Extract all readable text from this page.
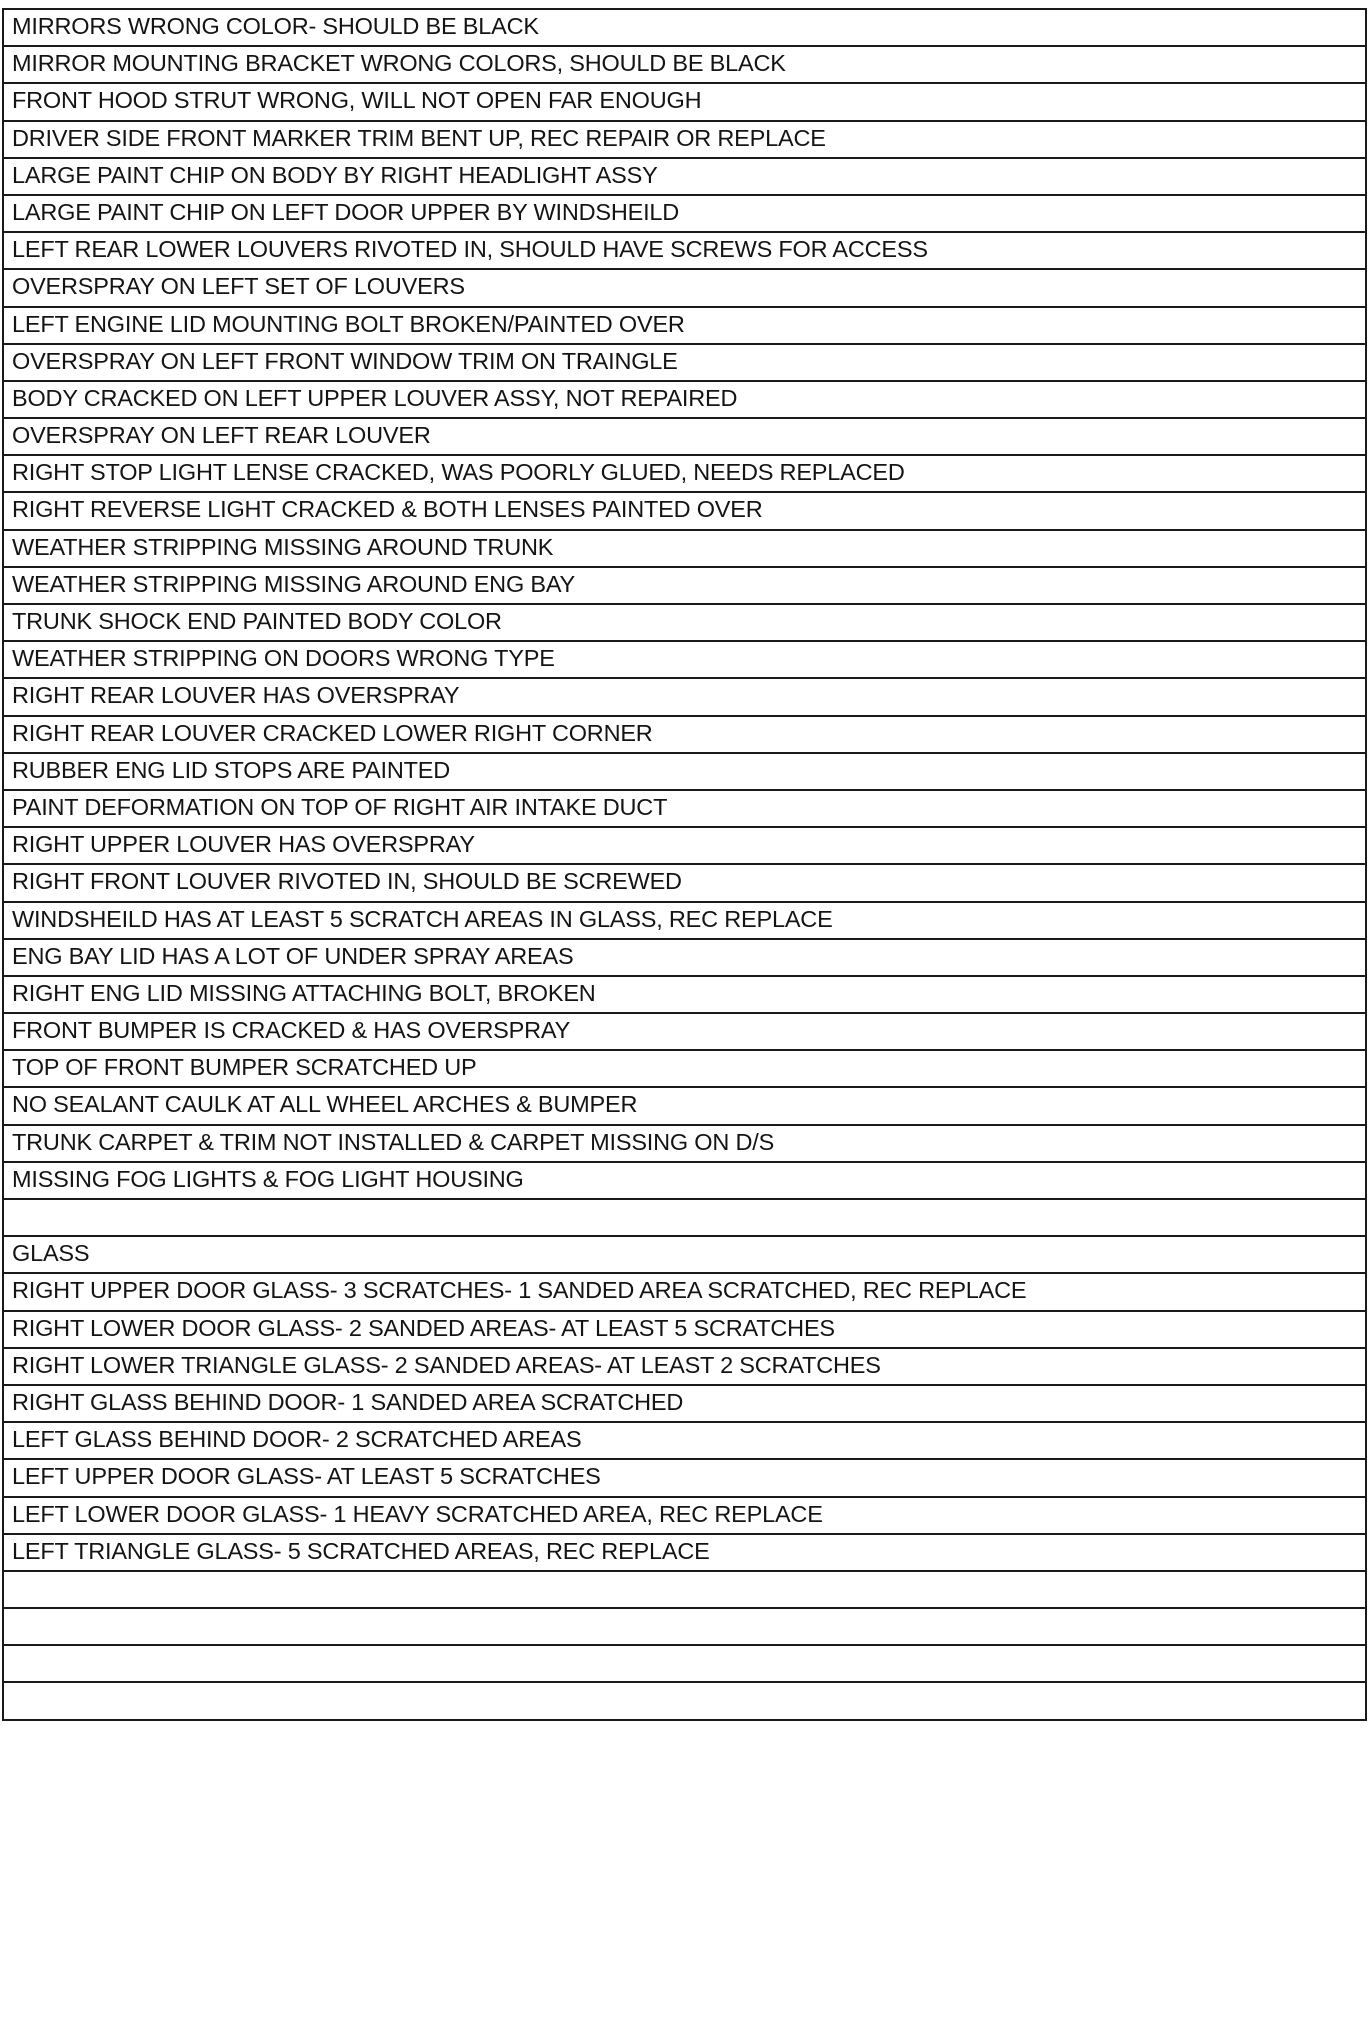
MIRRORS WRONG COLOR- SHOULD BE BLACK
MIRROR MOUNTING BRACKET WRONG COLORS, SHOULD BE BLACK
FRONT HOOD STRUT WRONG, WILL NOT OPEN FAR ENOUGH
DRIVER SIDE FRONT MARKER TRIM BENT UP, REC REPAIR OR REPLACE
LARGE PAINT CHIP ON BODY BY RIGHT HEADLIGHT ASSY
LARGE PAINT CHIP ON LEFT DOOR UPPER BY WINDSHEILD
LEFT REAR LOWER LOUVERS RIVOTED IN, SHOULD HAVE SCREWS FOR ACCESS
OVERSPRAY ON LEFT SET OF LOUVERS
LEFT ENGINE LID MOUNTING BOLT BROKEN/PAINTED OVER
OVERSPRAY ON LEFT FRONT WINDOW TRIM ON TRAINGLE
BODY CRACKED ON LEFT UPPER LOUVER ASSY, NOT REPAIRED
OVERSPRAY ON LEFT REAR LOUVER
RIGHT STOP LIGHT LENSE CRACKED, WAS POORLY GLUED, NEEDS REPLACED
RIGHT REVERSE LIGHT CRACKED & BOTH LENSES PAINTED OVER
WEATHER STRIPPING MISSING AROUND TRUNK
WEATHER STRIPPING MISSING AROUND ENG BAY
TRUNK SHOCK END PAINTED BODY COLOR
WEATHER STRIPPING ON DOORS WRONG TYPE
RIGHT REAR LOUVER HAS OVERSPRAY
RIGHT REAR LOUVER CRACKED LOWER RIGHT CORNER
RUBBER ENG LID STOPS ARE PAINTED
PAINT DEFORMATION ON TOP OF RIGHT AIR INTAKE DUCT
RIGHT UPPER LOUVER HAS OVERSPRAY
RIGHT FRONT LOUVER RIVOTED IN, SHOULD BE SCREWED
WINDSHEILD HAS AT LEAST 5 SCRATCH AREAS IN GLASS, REC REPLACE
ENG BAY LID HAS A LOT OF UNDER SPRAY AREAS
RIGHT ENG LID MISSING ATTACHING BOLT, BROKEN
FRONT BUMPER IS CRACKED & HAS OVERSPRAY
TOP OF FRONT BUMPER SCRATCHED UP
NO SEALANT CAULK AT ALL WHEEL ARCHES & BUMPER
TRUNK CARPET & TRIM NOT INSTALLED & CARPET MISSING ON D/S
MISSING FOG LIGHTS & FOG LIGHT HOUSING
GLASS
RIGHT UPPER DOOR GLASS- 3 SCRATCHES- 1 SANDED AREA SCRATCHED, REC REPLACE
RIGHT LOWER DOOR GLASS- 2 SANDED AREAS- AT LEAST 5 SCRATCHES
RIGHT LOWER TRIANGLE GLASS- 2 SANDED AREAS- AT LEAST 2 SCRATCHES
RIGHT GLASS BEHIND DOOR- 1 SANDED AREA SCRATCHED
LEFT GLASS BEHIND DOOR- 2 SCRATCHED AREAS
LEFT UPPER DOOR GLASS- AT LEAST 5 SCRATCHES
LEFT LOWER DOOR GLASS- 1 HEAVY SCRATCHED AREA, REC REPLACE
LEFT TRIANGLE GLASS- 5 SCRATCHED AREAS, REC REPLACE
